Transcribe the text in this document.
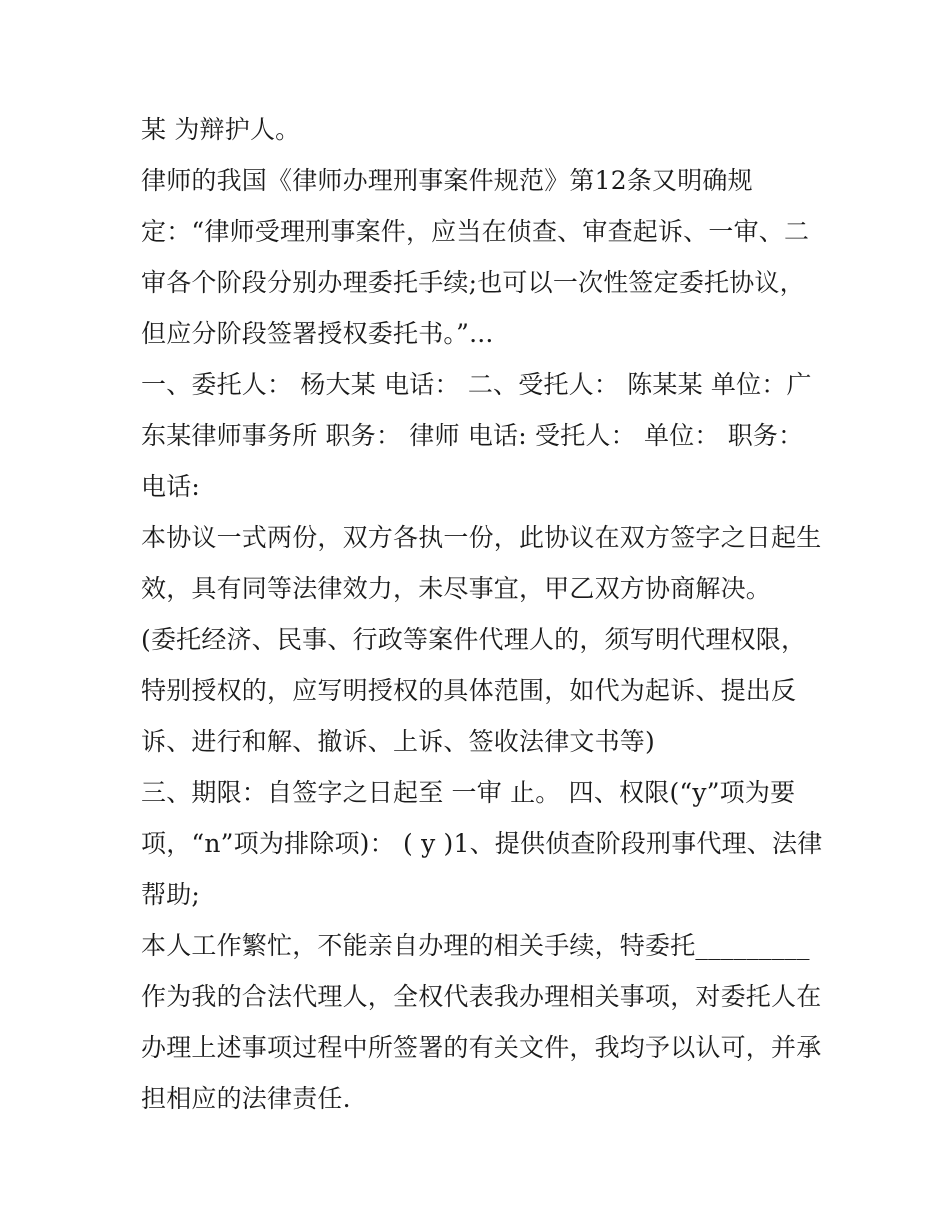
某 为辩护人。
律师的我国《律师办理刑事案件规范》第12条又明确规
定：“律师受理刑事案件，应当在侦查、审查起诉、一审、二
审各个阶段分别办理委托手续;也可以一次性签定委托协议，
但应分阶段签署授权委托书。”...
一、委托人： 杨大某 电话： 二、受托人： 陈某某 单位：广
东某律师事务所 职务： 律师 电话: 受托人： 单位： 职务：
电话:
本协议一式两份，双方各执一份，此协议在双方签字之日起生
效，具有同等法律效力，未尽事宜，甲乙双方协商解决。
(委托经济、民事、行政等案件代理人的，须写明代理权限，
特别授权的，应写明授权的具体范围，如代为起诉、提出反
诉、进行和解、撤诉、上诉、签收法律文书等)
三、期限：自签字之日起至 一审 止。 四、权限(“y”项为要
项，“n”项为排除项)： ( y )1、提供侦查阶段刑事代理、法律
帮助;
本人工作繁忙，不能亲自办理的相关手续，特委托_________
作为我的合法代理人，全权代表我办理相关事项，对委托人在
办理上述事项过程中所签署的有关文件，我均予以认可，并承
担相应的法律责任.
